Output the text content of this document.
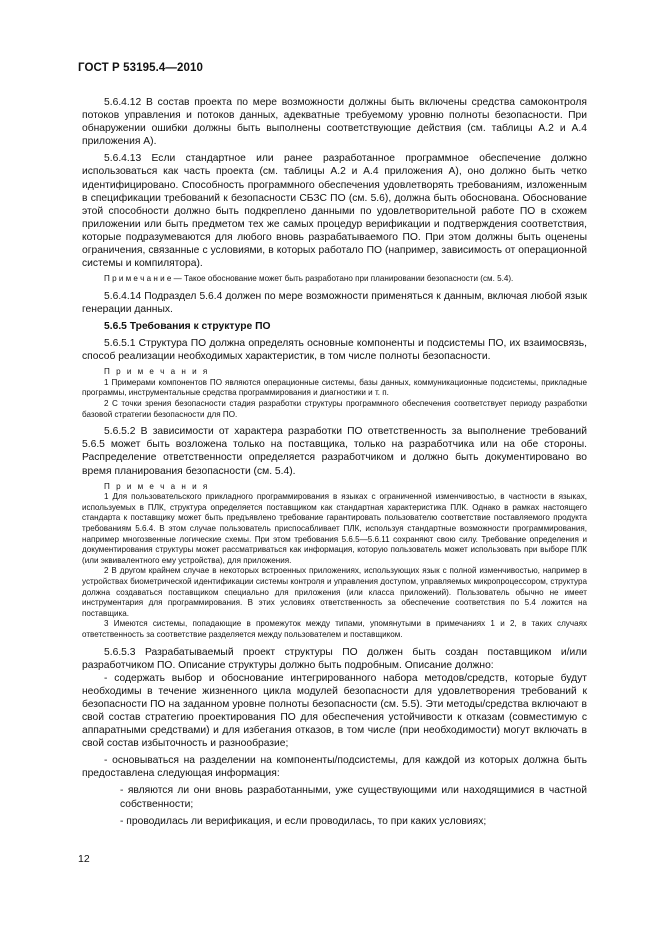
ГОСТ Р 53195.4—2010

5.6.4.12 В состав проекта по мере возможности должны быть включены средства самоконтроля потоков управления и потоков данных, адекватные требуемому уровню полноты безопасности. При обнаружении ошибки должны быть выполнены соответствующие действия (см. таблицы А.2 и А.4 приложения А).

5.6.4.13 Если стандартное или ранее разработанное программное обеспечение должно использоваться как часть проекта (см. таблицы А.2 и А.4 приложения А), оно должно быть четко идентифицировано. Способность программного обеспечения удовлетворять требованиям, изложенным в спецификации требований к безопасности СБЗС ПО (см. 5.6), должна быть обоснована. Обоснование этой способности должно быть подкреплено данными по удовлетворительной работе ПО в схожем приложении или быть предметом тех же самых процедур верификации и подтверждения соответствия, которые подразумеваются для любого вновь разрабатываемого ПО. При этом должны быть оценены ограничения, связанные с условиями, в которых работало ПО (например, зависимость от операционной системы и компилятора).

П р и м е ч а н и е — Такое обоснование может быть разработано при планировании безопасности (см. 5.4).

5.6.4.14 Подраздел 5.6.4 должен по мере возможности применяться к данным, включая любой язык генерации данных.

5.6.5 Требования к структуре ПО

5.6.5.1 Структура ПО должна определять основные компоненты и подсистемы ПО, их взаимосвязь, способ реализации необходимых характеристик, в том числе полноты безопасности.

П р и м е ч а н и я
1 Примерами компонентов ПО являются операционные системы, базы данных, коммуникационные подсистемы, прикладные программы, инструментальные средства программирования и диагностики и т. п.
2 С точки зрения безопасности стадия разработки структуры программного обеспечения соответствует периоду разработки базовой стратегии безопасности для ПО.

5.6.5.2 В зависимости от характера разработки ПО ответственность за выполнение требований 5.6.5 может быть возложена только на поставщика, только на разработчика или на обе стороны. Распределение ответственности определяется разработчиком и должно быть документировано во время планирования безопасности (см. 5.4).

П р и м е ч а н и я
1 Для пользовательского прикладного программирования в языках с ограниченной изменчивостью, в частности в языках, используемых в ПЛК, структура определяется поставщиком как стандартная характеристика ПЛК. Однако в рамках настоящего стандарта к поставщику может быть предъявлено требование гарантировать пользователю соответствие поставляемого продукта требованиям 5.6.4. В этом случае пользователь приспосабливает ПЛК, используя стандартные возможности программирования, например многозвенные логические схемы. При этом требования 5.6.5—5.6.11 сохраняют свою силу. Требование определения и документирования структуры может рассматриваться как информация, которую пользователь может использовать при выборе ПЛК (или эквивалентного ему устройства), для приложения.
2 В другом крайнем случае в некоторых встроенных приложениях, использующих язык с полной изменчивостью, например в устройствах биометрической идентификации системы контроля и управления доступом, управляемых микропроцессором, структура должна создаваться поставщиком специально для приложения (или класса приложений). Пользователь обычно не имеет инструментария для программирования. В этих условиях ответственность за обеспечение соответствия по 5.4 ложится на поставщика.
3 Имеются системы, попадающие в промежуток между типами, упомянутыми в примечаниях 1 и 2, в таких случаях ответственность за соответствие разделяется между пользователем и поставщиком.

5.6.5.3 Разрабатываемый проект структуры ПО должен быть создан поставщиком и/или разработчиком ПО. Описание структуры должно быть подробным. Описание должно:

- содержать выбор и обоснование интегрированного набора методов/средств, которые будут необходимы в течение жизненного цикла модулей безопасности для удовлетворения требований к безопасности ПО на заданном уровне полноты безопасности (см. 5.5). Эти методы/средства включают в свой состав стратегию проектирования ПО для обеспечения устойчивости к отказам (совместимую с аппаратными средствами) и для избегания отказов, в том числе (при необходимости) могут включать в свой состав избыточность и разнообразие;

- основываться на разделении на компоненты/подсистемы, для каждой из которых должна быть предоставлена следующая информация:

- являются ли они вновь разработанными, уже существующими или находящимися в частной собственности;

- проводилась ли верификация, и если проводилась, то при каких условиях;

12
